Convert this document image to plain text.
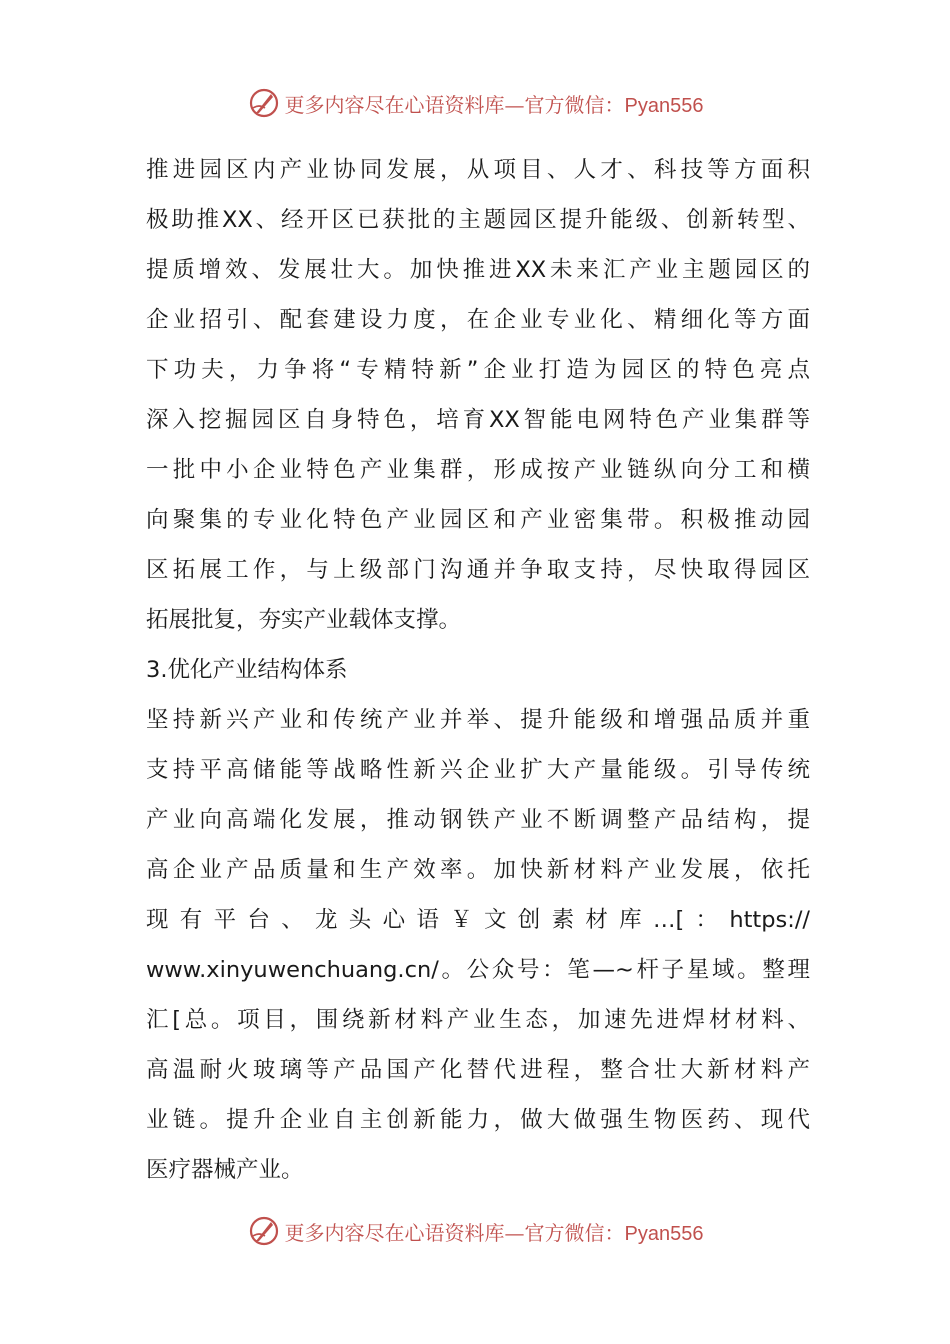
更多内容尽在心语资料库—官方微信：Pyan556
推进园区内产业协同发展，从项目、人才、科技等方面积
极助推XX、经开区已获批的主题园区提升能级、创新转型、
提质增效、发展壮大。加快推进XX未来汇产业主题园区的
企业招引、配套建设力度，在企业专业化、精细化等方面
下功夫，力争将“专精特新”企业打造为园区的特色亮点
深入挖掘园区自身特色，培育XX智能电网特色产业集群等
一批中小企业特色产业集群，形成按产业链纵向分工和横
向聚集的专业化特色产业园区和产业密集带。积极推动园
区拓展工作，与上级部门沟通并争取支持，尽快取得园区
拓展批复，夯实产业载体支撑。
3.优化产业结构体系
坚持新兴产业和传统产业并举、提升能级和增强品质并重
支持平高储能等战略性新兴企业扩大产量能级。引导传统
产业向高端化发展，推动钢铁产业不断调整产品结构，提
高企业产品质量和生产效率。加快新材料产业发展，依托
现有平台、龙头心语￥文创素材库…[：https://
www.xinyuwenchuang.cn/。公众号：笔—~杆子星域。整理
汇[总。项目，围绕新材料产业生态，加速先进焊材材料、
高温耐火玻璃等产品国产化替代进程，整合壮大新材料产
业链。提升企业自主创新能力，做大做强生物医药、现代
医疗器械产业。
更多内容尽在心语资料库—官方微信：Pyan556
